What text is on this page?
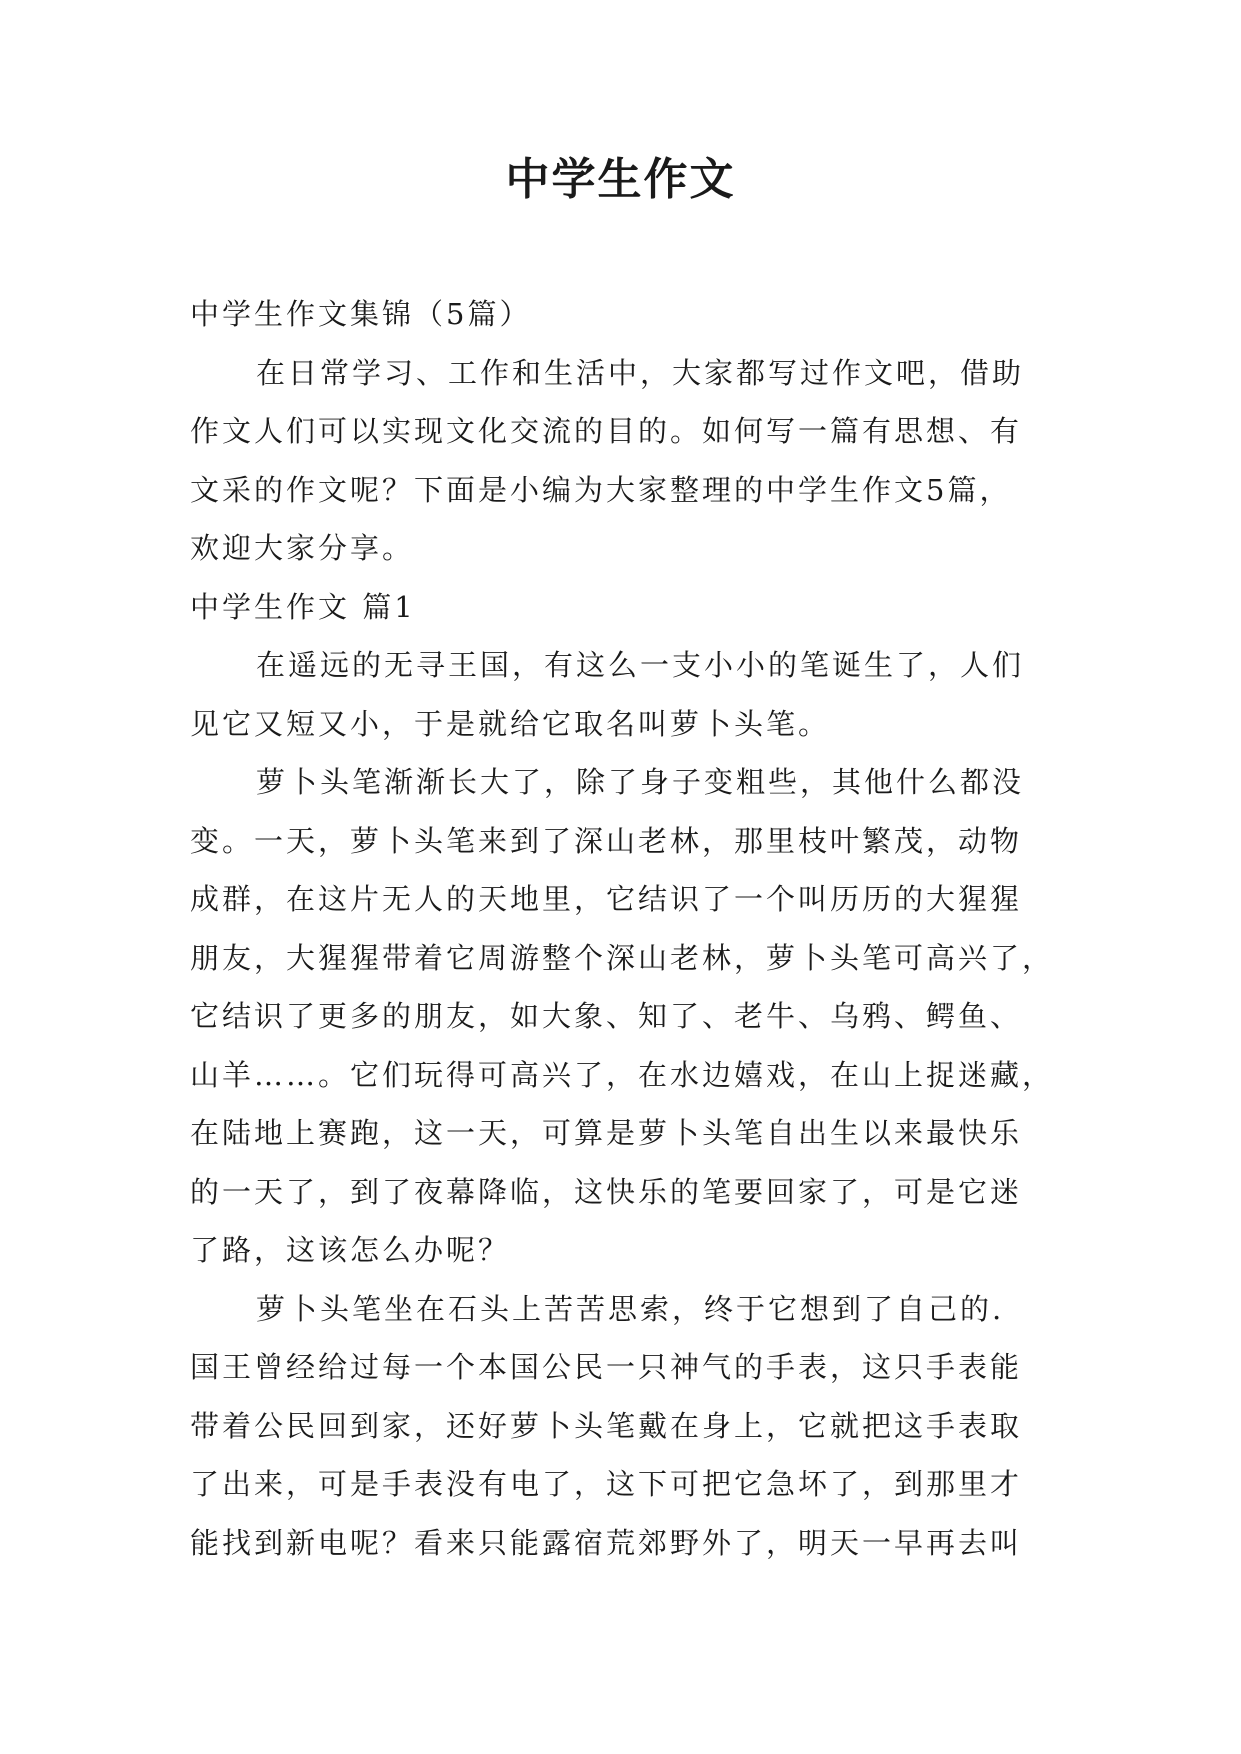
中学生作文
中学生作文集锦（5篇）
在日常学习、工作和生活中，大家都写过作文吧，借助
作文人们可以实现文化交流的目的。如何写一篇有思想、有
文采的作文呢？下面是小编为大家整理的中学生作文5篇，
欢迎大家分享。
中学生作文 篇1
在遥远的无寻王国，有这么一支小小的笔诞生了，人们
见它又短又小，于是就给它取名叫萝卜头笔。
萝卜头笔渐渐长大了，除了身子变粗些，其他什么都没
变。一天，萝卜头笔来到了深山老林，那里枝叶繁茂，动物
成群，在这片无人的天地里，它结识了一个叫历历的大猩猩
朋友，大猩猩带着它周游整个深山老林，萝卜头笔可高兴了，
它结识了更多的朋友，如大象、知了、老牛、乌鸦、鳄鱼、
山羊……。它们玩得可高兴了，在水边嬉戏，在山上捉迷藏，
在陆地上赛跑，这一天，可算是萝卜头笔自出生以来最快乐
的一天了，到了夜幕降临，这快乐的笔要回家了，可是它迷
了路，这该怎么办呢？
萝卜头笔坐在石头上苦苦思索，终于它想到了自己的.
国王曾经给过每一个本国公民一只神气的手表，这只手表能
带着公民回到家，还好萝卜头笔戴在身上，它就把这手表取
了出来，可是手表没有电了，这下可把它急坏了，到那里才
能找到新电呢？看来只能露宿荒郊野外了，明天一早再去叫
